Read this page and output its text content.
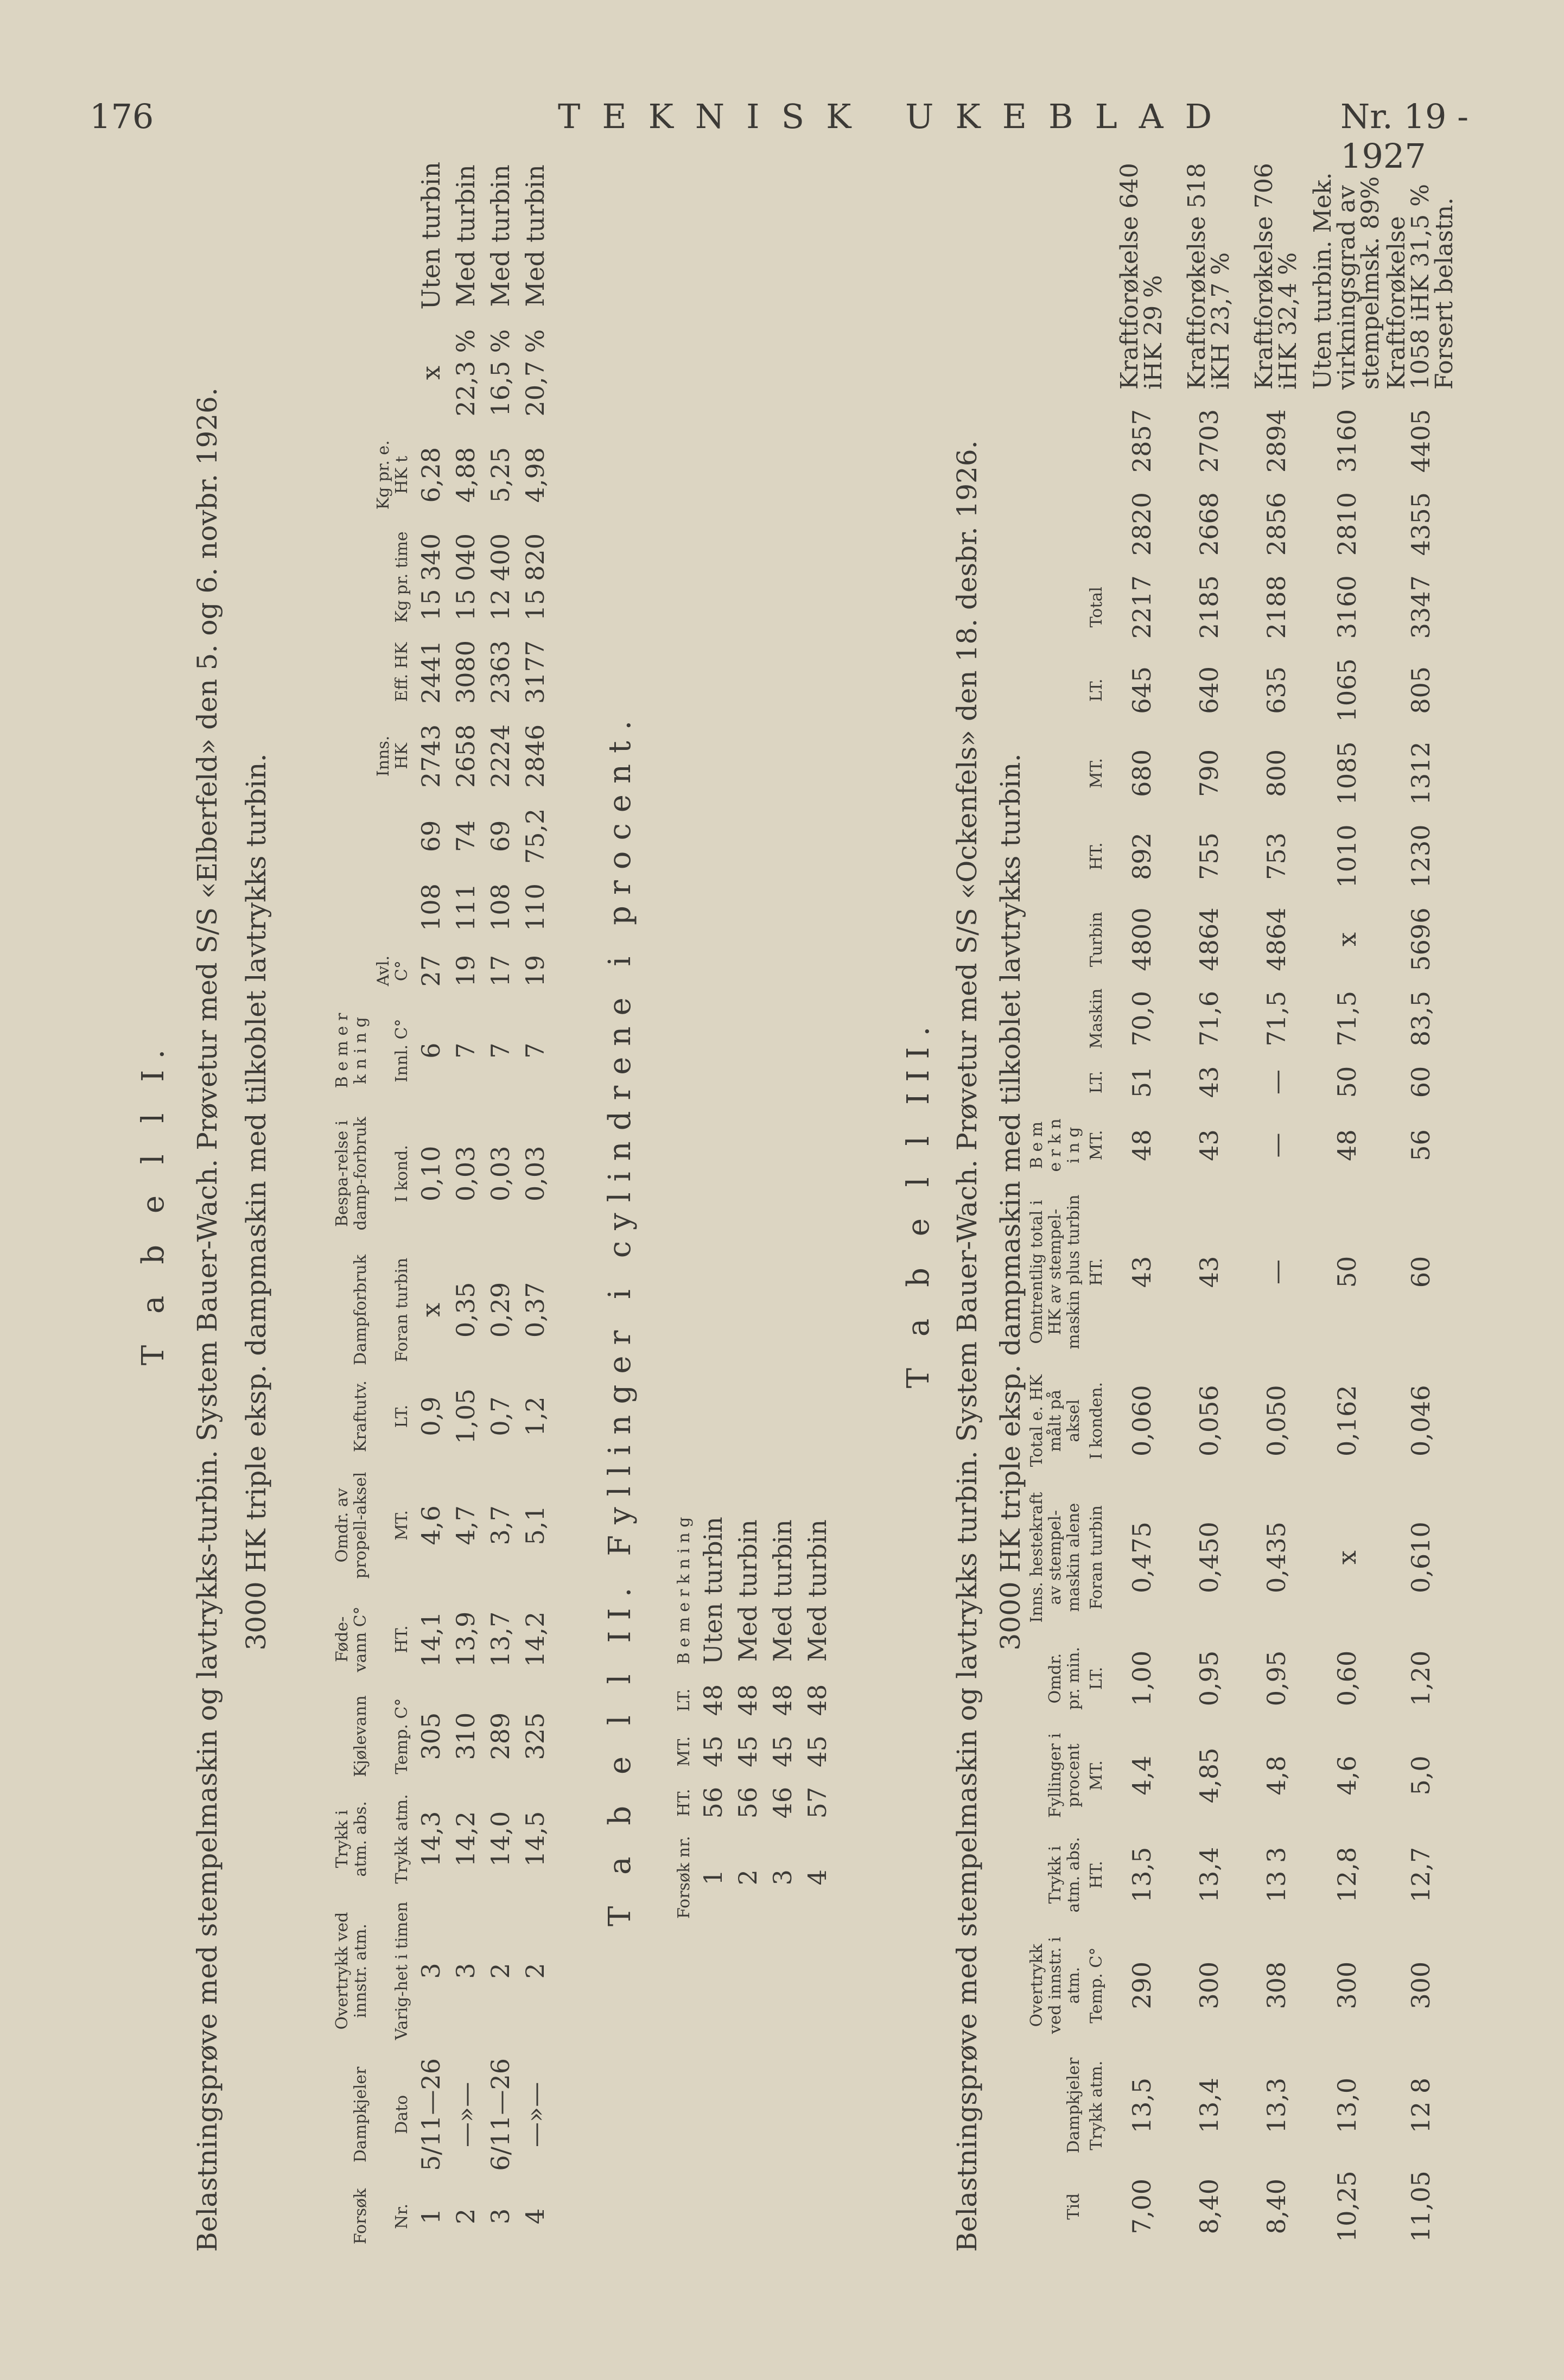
176	TEKNISK UKEBLAD	Nr. 19 - 1927
T a b e l l I. Belastningsprøve med stempelmaskin og lavtrykks-turbin. System Bauer-Wach. Prøvetur med S/S «Elberfeld» den 5. og 6. novbr. 1926. 3000 HK triple eksp. dampmaskin med tilkoblet lavtrykks turbin.
Forsøk	Dampkjeler	Overtrykk ved innstr. atm.	Trykk i atm. abs.	Kjølevann	Føde-vann C°	Omdr. av propell-aksel	Kraftutv.	Dampforbruk	Bespa-relse i damp-forbruk	B e m e r k n i n g									
Nr.	Dato	Varig-het i timen	Trykk atm.	Temp. C°	HT.	MT.	LT.	Foran turbin	I kond.	Innl. C°	Avl. C°			Inns. HK	Eff. HK	Kg pr. time	Kg pr. e. HK t		
1	5/11—26	3	14,3	305	14,1	4,6	0,9	x	0,10	6	27	108	69	2743	2441	15 340	6,28	x	Uten turbin
2	—»—	3	14,2	310	13,9	4,7	1,05	0,35	0,03	7	19	111	74	2658	3080	15 040	4,88	22,3 %	Med turbin
3	6/11—26	2	14,0	289	13,7	3,7	0,7	0,29	0,03	7	17	108	69	2224	2363	12 400	5,25	16,5 %	Med turbin
4	—»—	2	14,5	325	14,2	5,1	1,2	0,37	0,03	7	19	110	75,2	2846	3177	15 820	4,98	20,7 %	Med turbin
T a b e l l II. Fyllinger i cylindrene i procent. Forsøk nr.	HT.	MT.	LT.	B e m e r k n i n g
1	56	45	48	Uten turbin
2	56	45	48	Med turbin
3	46	45	48	Med turbin
4	57	45	48	Med turbin
T a b e l l III. Belastningsprøve med stempelmaskin og lavtrykks turbin. System Bauer-Wach. Prøvetur med S/S «Ockenfels» den 18. desbr. 1926. 3000 HK triple eksp. dampmaskin med tilkoblet lavtrykks turbin.
Tid	Dampkjeler	Overtrykk ved innstr. i atm.	Trykk i atm. abs.	Fyllinger i procent	Omdr. pr. min.	Inns. hestekraft av stempel-maskin alene	Total e. HK målt på aksel	Omtrentlig total i HK av stempel-maskin plus turbin	B e m e r k n i n g										
	Trykk atm.	Temp. C°	HT.	MT.	LT.	Foran turbin	I konden.	HT.	MT.	LT.	Maskin	Turbin	HT.	MT.	LT.	Total			
7,00	13,5	290	13,5	4,4	1,00	0,475	0,060	43	48	51	70,0	4800	892	680	645	2217	2820	2857	Kraftforøkelse 640 iHK 29 %
8,40	13,4	300	13,4	4,85	0,95	0,450	0,056	43	43	43	71,6	4864	755	790	640	2185	2668	2703	Kraftforøkelse 518 iKH 23,7 %
8,40	13,3	308	13 3	4,8	0,95	0,435	0,050	—	—	—	71,5	4864	753	800	635	2188	2856	2894	Kraftforøkelse 706 iHK 32,4 %
10,25	13,0	300	12,8	4,6	0,60	x	0,162	50	48	50	71,5	x	1010	1085	1065	3160	2810	3160	Uten turbin. Mek. virkningsgrad av stempelmsk. 89%
11,05	12 8	300	12,7	5,0	1,20	0,610	0,046	60	56	60	83,5	5696	1230	1312	805	3347	4355	4405	Kraftforøkelse 1058 iHK 31,5 % Forsert belastn.
